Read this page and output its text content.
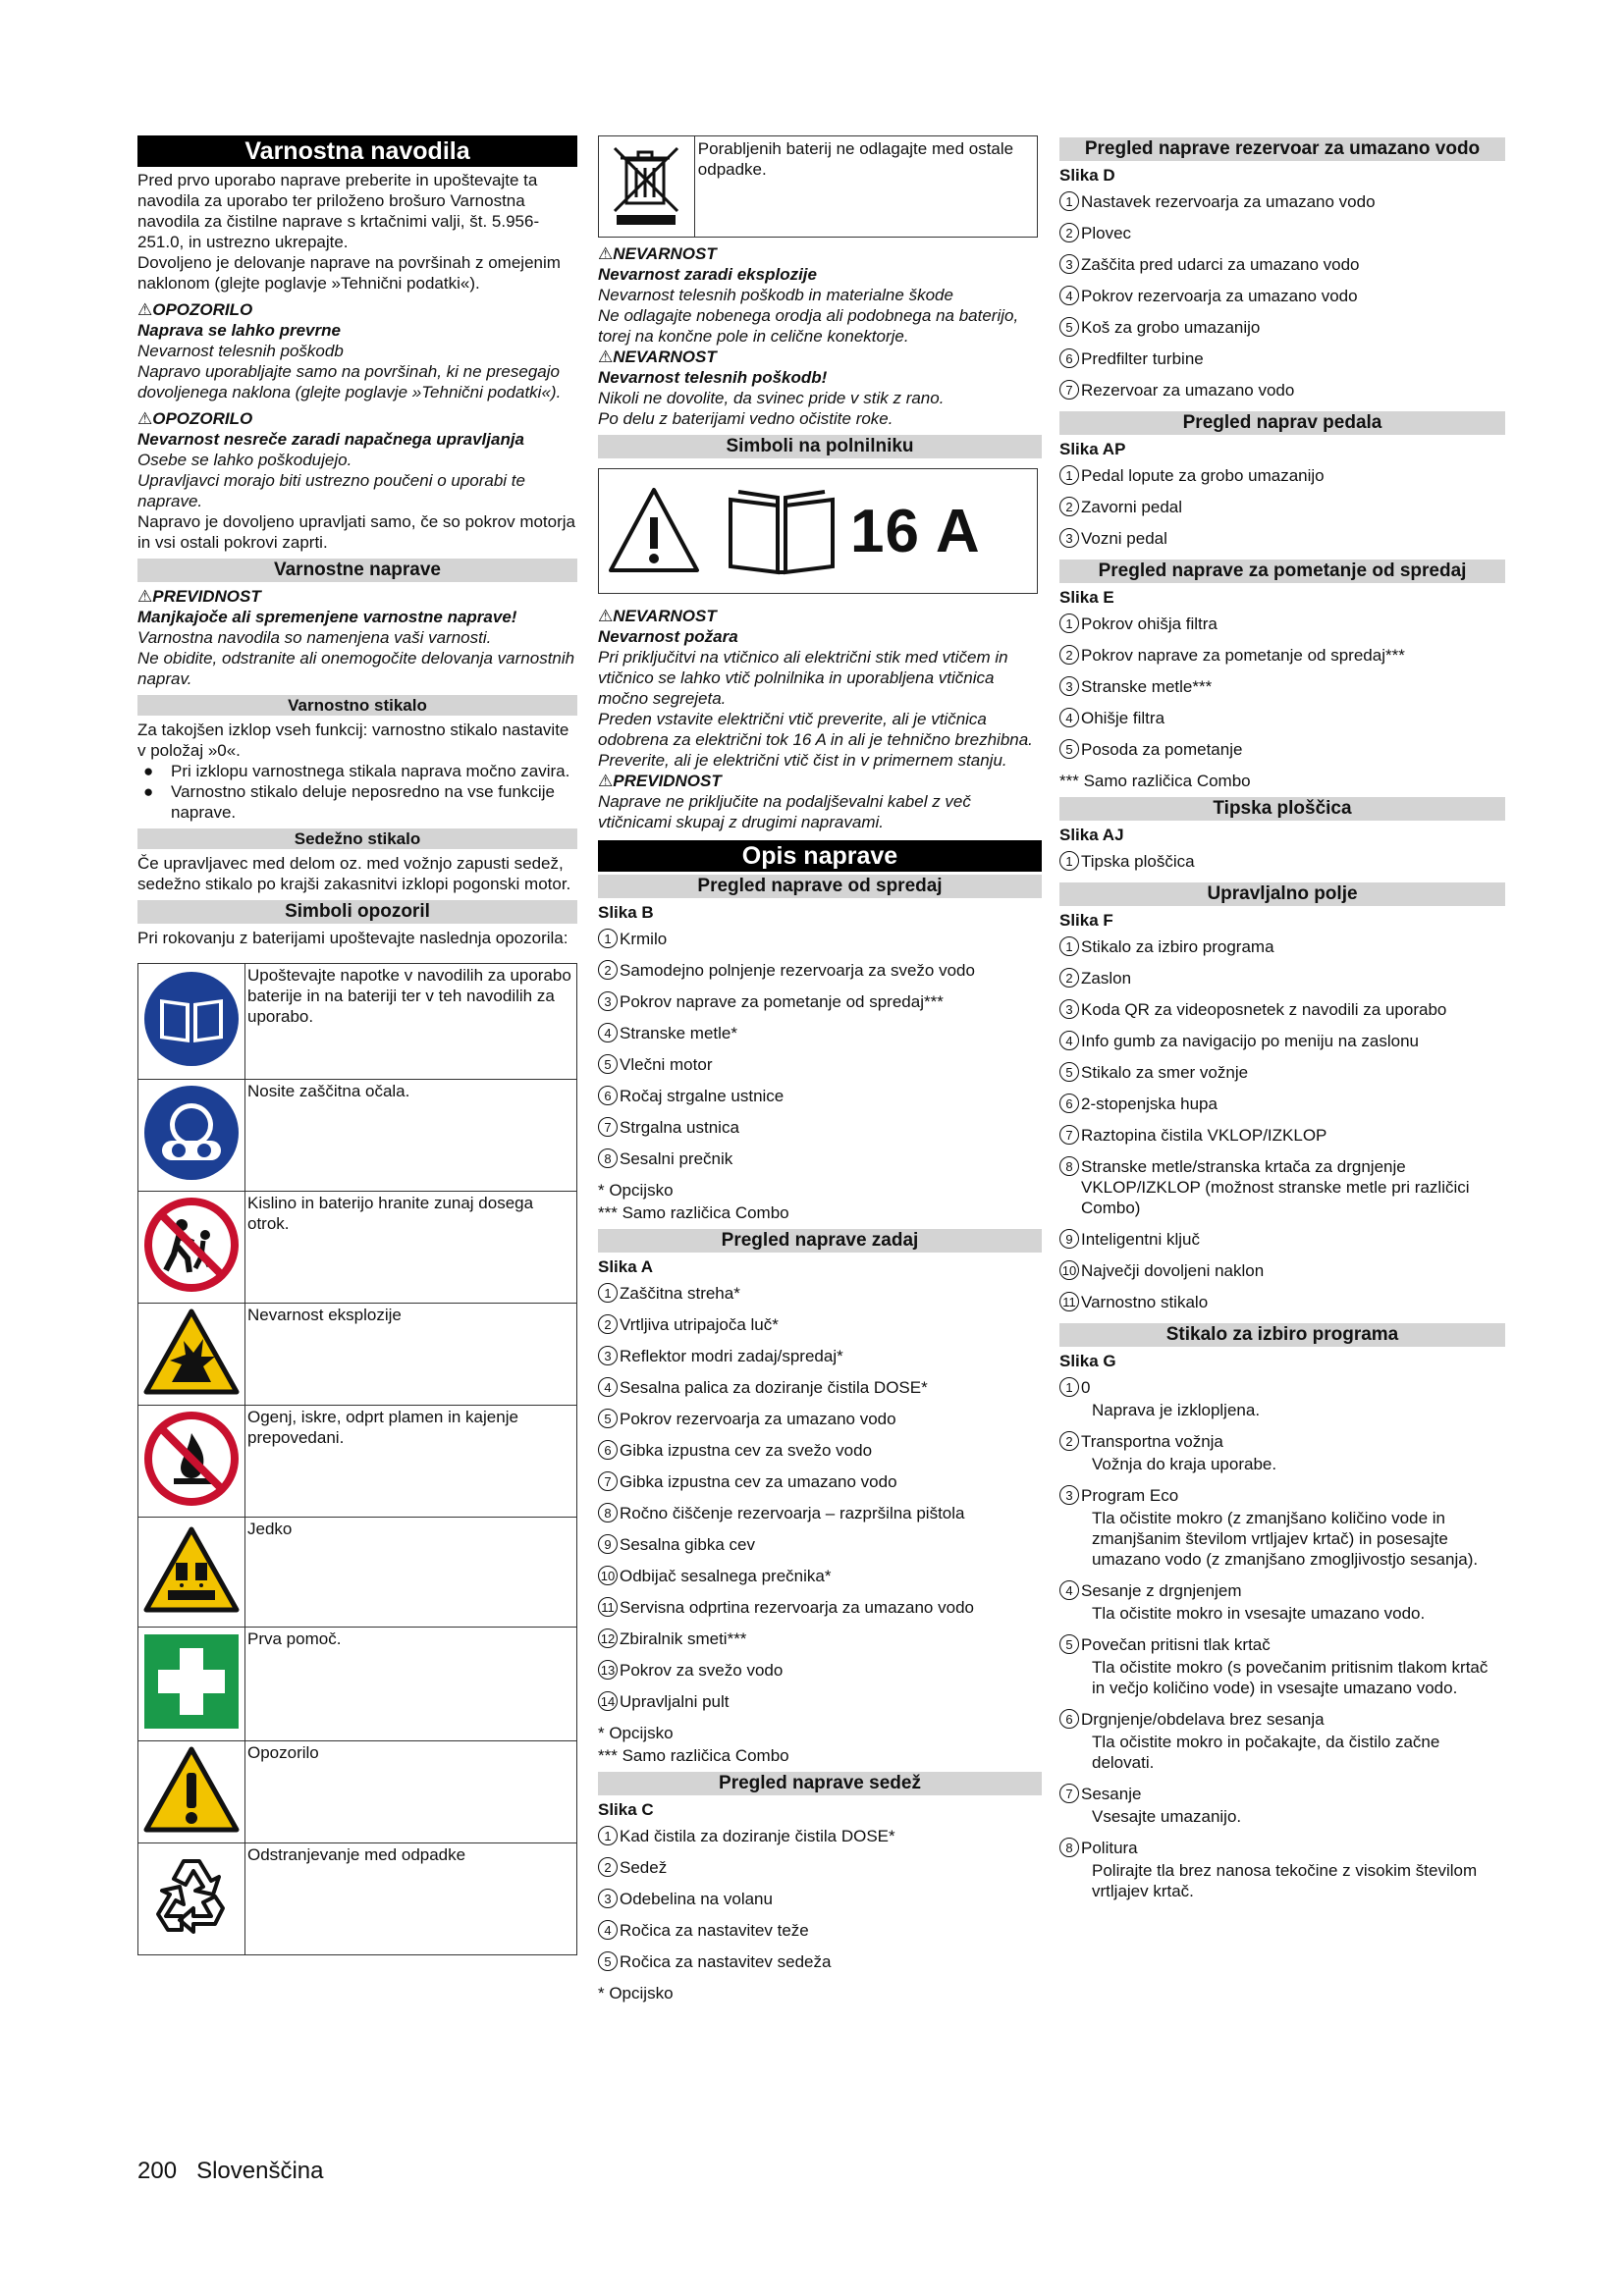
Varnostna navodila

Pred prvo uporabo naprave preberite in upoštevajte ta navodila za uporabo ter priloženo brošuro Varnostna navodila za čistilne naprave s krtačnimi valji, št. 5.956-251.0, in ustrezno ukrepajte.

Dovoljeno je delovanje naprave na površinah z omejenim naklonom (glejte poglavje »Tehnični podatki«).

⚠OPOZORILO

Naprava se lahko prevrne

Nevarnost telesnih poškodb

Napravo uporabljajte samo na površinah, ki ne presegajo dovoljenega naklona (glejte poglavje »Tehnični podatki«).

⚠OPOZORILO

Nevarnost nesreče zaradi napačnega upravljanja

Osebe se lahko poškodujejo.

Upravljavci morajo biti ustrezno poučeni o uporabi te naprave.

Napravo je dovoljeno upravljati samo, če so pokrov motorja in vsi ostali pokrovi zaprti.

Varnostne naprave

⚠PREVIDNOST

Manjkajoče ali spremenjene varnostne naprave!

Varnostna navodila so namenjena vaši varnosti.

Ne obidite, odstranite ali onemogočite delovanja varnostnih naprav.

Varnostno stikalo

Za takojšen izklop vseh funkcij: varnostno stikalo nastavite v položaj »0«.

●	Pri izklopu varnostnega stikala naprava močno zavira.
●	Varnostno stikalo deluje neposredno na vse funkcije naprave.
Sedežno stikalo

Če upravljavec med delom oz. med vožnjo zapusti sedež, sedežno stikalo po krajši zakasnitvi izklopi pogonski motor.

Simboli opozoril

Pri rokovanju z baterijami upoštevajte naslednja opozorila:

	Upoštevajte napotke v navodilih za uporabo baterije in na bateriji ter v teh navodilih za uporabo.
	Nosite zaščitna očala.
	Kislino in baterijo hranite zunaj dosega otrok.
	Nevarnost eksplozije
	Ogenj, iskre, odprt plamen in kajenje prepovedani.
	Jedko
	Prva pomoč.
	Opozorilo
	Odstranjevanje med odpadke
Porabljenih baterij ne odlagajte med ostale odpadke.

⚠NEVARNOST

Nevarnost zaradi eksplozije

Nevarnost telesnih poškodb in materialne škode

Ne odlagajte nobenega orodja ali podobnega na baterijo, torej na končne pole in celične konektorje.

⚠NEVARNOST

Nevarnost telesnih poškodb!

Nikoli ne dovolite, da svinec pride v stik z rano.

Po delu z baterijami vedno očistite roke.

Simboli na polnilniku
16 A

⚠NEVARNOST

Nevarnost požara

Pri priključitvi na vtičnico ali električni stik med vtičem in vtičnico se lahko vtič polnilnika in uporabljena vtičnica močno segrejeta.

Preden vstavite električni vtič preverite, ali je vtičnica odobrena za električni tok 16 A in ali je tehnično brezhibna.

Preverite, ali je električni vtič čist in v primernem stanju.

⚠PREVIDNOST

Naprave ne priključite na podaljševalni kabel z več vtičnicami skupaj z drugimi napravami.

Opis naprave
Pregled naprave od spredaj

Slika B

1 Krmilo
2 Samodejno polnjenje rezervoarja za svežo vodo
3 Pokrov naprave za pometanje od spredaj***
4 Stranske metle*
5 Vlečni motor
6 Ročaj strgalne ustnice
7 Strgalna ustnica
8 Sesalni prečnik

* Opcijsko

*** Samo različica Combo

Pregled naprave zadaj

Slika A

1 Zaščitna streha*
2 Vrtljiva utripajoča luč*
3 Reflektor modri zadaj/spredaj*
4 Sesalna palica za doziranje čistila DOSE*
5 Pokrov rezervoarja za umazano vodo
6 Gibka izpustna cev za svežo vodo
7 Gibka izpustna cev za umazano vodo
8 Ročno čiščenje rezervoarja – razpršilna pištola
9 Sesalna gibka cev
10 Odbijač sesalnega prečnika*
11 Servisna odprtina rezervoarja za umazano vodo
12 Zbiralnik smeti***
13 Pokrov za svežo vodo
14 Upravljalni pult

* Opcijsko

*** Samo različica Combo

Pregled naprave sedež

Slika C

1 Kad čistila za doziranje čistila DOSE*
2 Sedež
3 Odebelina na volanu
4 Ročica za nastavitev teže
5 Ročica za nastavitev sedeža

* Opcijsko

Pregled naprave rezervoar za umazano vodo

Slika D

1 Nastavek rezervoarja za umazano vodo
2 Plovec
3 Zaščita pred udarci za umazano vodo
4 Pokrov rezervoarja za umazano vodo
5 Koš za grobo umazanijo
6 Predfilter turbine
7 Rezervoar za umazano vodo
Pregled naprav pedala

Slika AP

1 Pedal lopute za grobo umazanijo
2 Zavorni pedal
3 Vozni pedal
Pregled naprave za pometanje od spredaj

Slika E

1 Pokrov ohišja filtra
2 Pokrov naprave za pometanje od spredaj***
3 Stranske metle***
4 Ohišje filtra
5 Posoda za pometanje

*** Samo različica Combo

Tipska ploščica

Slika AJ

1 Tipska ploščica
Upravljalno polje

Slika F

1 Stikalo za izbiro programa
2 Zaslon
3 Koda QR za videoposnetek z navodili za uporabo
4 Info gumb za navigacijo po meniju na zaslonu
5 Stikalo za smer vožnje
6 2-stopenjska hupa
7 Raztopina čistila VKLOP/IZKLOP
8 Stranske metle/stranska krtača za drgnjenje VKLOP/IZKLOP (možnost stranske metle pri različici Combo)
9 Inteligentni ključ
10 Največji dovoljeni naklon
11 Varnostno stikalo
Stikalo za izbiro programa

Slika G

1 0
Naprava je izklopljena.
2 Transportna vožnja
Vožnja do kraja uporabe.
3 Program Eco
Tla očistite mokro (z zmanjšano količino vode in zmanjšanim številom vrtljajev krtač) in posesajte umazano vodo (z zmanjšano zmogljivostjo sesanja).
4 Sesanje z drgnjenjem
Tla očistite mokro in vsesajte umazano vodo.
5 Povečan pritisni tlak krtač
Tla očistite mokro (s povečanim pritisnim tlakom krtač in večjo količino vode) in vsesajte umazano vodo.
6 Drgnjenje/obdelava brez sesanja
Tla očistite mokro in počakajte, da čistilo začne delovati.
7 Sesanje
Vsesajte umazanijo.
8 Politura
Polirajte tla brez nanosa tekočine z visokim številom vrtljajev krtač.
200 Slovenščina
